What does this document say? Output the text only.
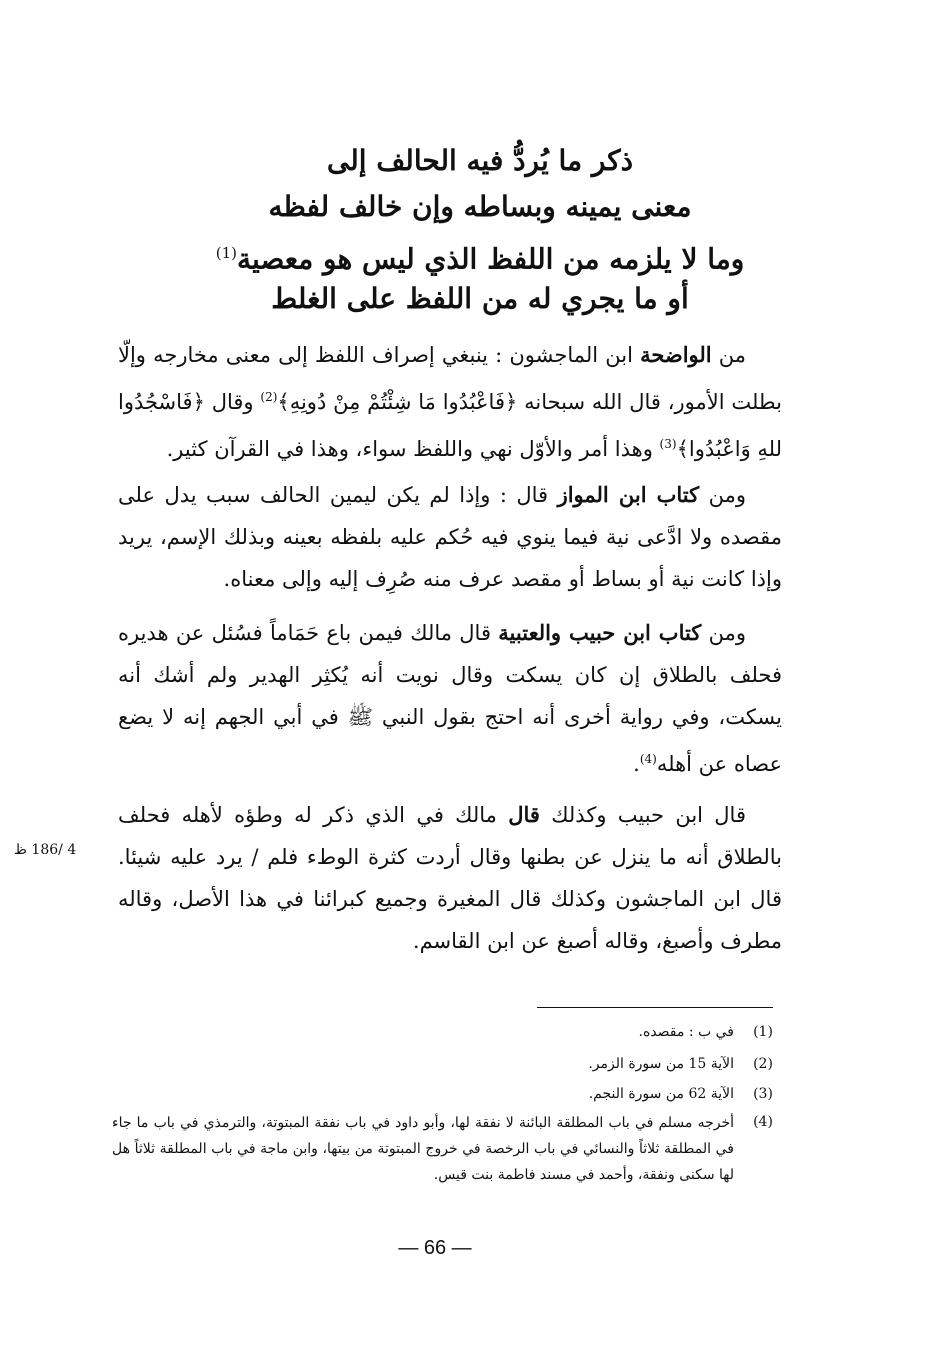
ذكر ما يُردُّ فيه الحالف إلى
معنى يمينه وبساطه وإن خالف لفظه
وما لا يلزمه من اللفظ الذي ليس هو معصية$^{(1)}$
أو ما يجري له من اللفظ على الغلط
من الواضحة ابن الماجشون : ينبغي إصراف اللفظ إلى معنى مخارجه وإلّا بطلت الأمور، قال الله سبحانه ﴿فَاعْبُدُوا مَا شِئْتُمْ مِنْ دُونِهِ﴾$^{(2)}$ وقال ﴿فَاسْجُدُوا للهِ وَاعْبُدُوا﴾$^{(3)}$ وهذا أمر والأوّل نهي واللفظ سواء، وهذا في القرآن كثير.
ومن كتاب ابن المواز قال : وإذا لم يكن ليمين الحالف سبب يدل على مقصده ولا ادَّعى نية فيما ينوي فيه حُكم عليه بلفظه بعينه وبذلك الإسم، يريد وإذا كانت نية أو بساط أو مقصد عرف منه صُرِف إليه وإلى معناه.
ومن كتاب ابن حبيب والعتبية قال مالك فيمن باع حَمَاماً فسُئل عن هديره فحلف بالطلاق إن كان يسكت وقال نويت أنه يُكثِر الهدير ولم أشك أنه يسكت، وفي رواية أخرى أنه احتج بقول النبي ﷺ في أبي الجهم إنه لا يضع عصاه عن أهله$^{(4)}$.
قال ابن حبيب وكذلك قال مالك في الذي ذكر له وطؤه لأهله فحلف بالطلاق أنه ما ينزل عن بطنها وقال أردت كثرة الوطء فلم / يرد عليه شيئا. قال ابن الماجشون وكذلك قال المغيرة وجميع كبرائنا في هذا الأصل، وقاله مطرف وأصبغ، وقاله أصبغ عن ابن القاسم.
4 /186 ظ
(1)
في ب : مقصده.
(2)
الآية 15 من سورة الزمر.
(3)
الآية 62 من سورة النجم.
(4)
أخرجه مسلم في باب المطلقة البائنة لا نفقة لها، وأبو داود في باب نفقة المبتوتة، والترمذي في باب ما جاء في المطلقة ثلاثاً والنسائي في باب الرخصة في خروج المبتوتة من بيتها، وابن ماجة في باب المطلقة ثلاثاً هل لها سكنى ونفقة، وأحمد في مسند فاطمة بنت قيس.
— 66 —
